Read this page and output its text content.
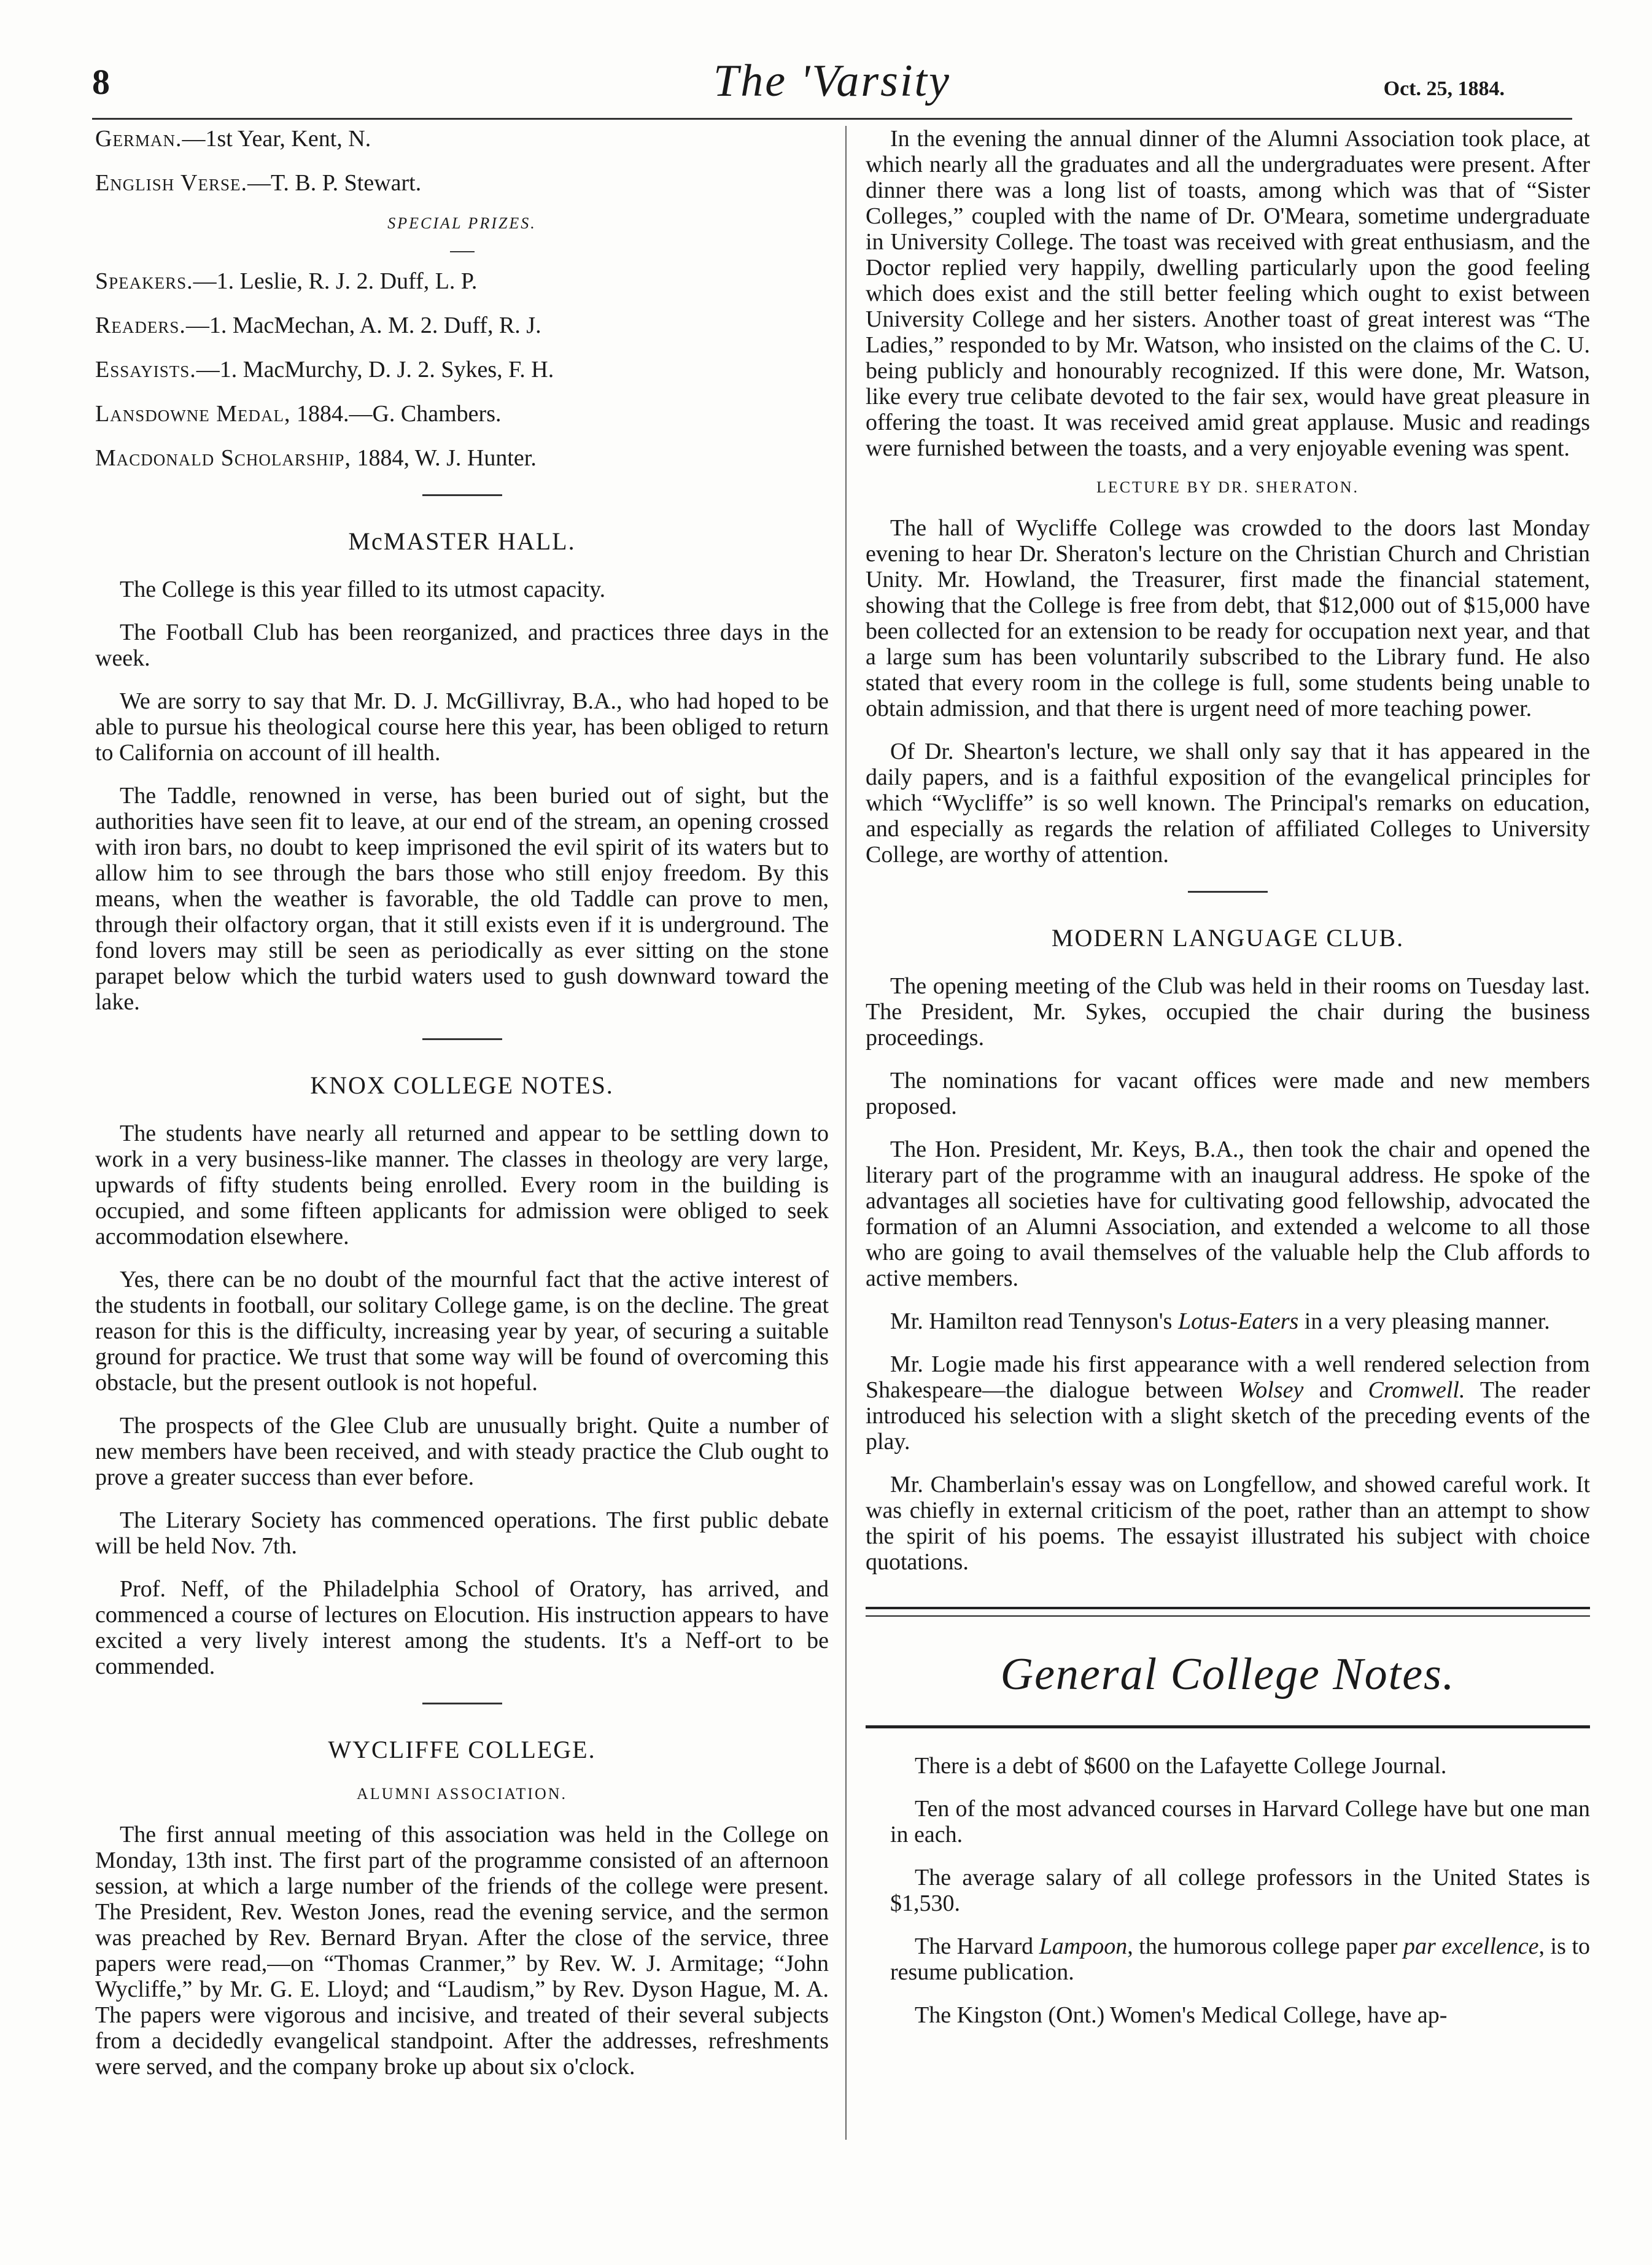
8	The 'Varsity	Oct. 25, 1884.

German.—1st Year, Kent, N.

English Verse.—T. B. P. Stewart.

SPECIAL PRIZES.

Speakers.—1. Leslie, R. J. 2. Duff, L. P.

Readers.—1. MacMechan, A. M. 2. Duff, R. J.

Essayists.—1. MacMurchy, D. J. 2. Sykes, F. H.

Lansdowne Medal, 1884.—G. Chambers.

Macdonald Scholarship, 1884, W. J. Hunter.

McMASTER HALL.

The College is this year filled to its utmost capacity.

The Football Club has been reorganized, and practices three days in the week.

We are sorry to say that Mr. D. J. McGillivray, B.A., who had hoped to be able to pursue his theological course here this year, has been obliged to return to California on account of ill health.

The Taddle, renowned in verse, has been buried out of sight, but the authorities have seen fit to leave, at our end of the stream, an opening crossed with iron bars, no doubt to keep imprisoned the evil spirit of its waters but to allow him to see through the bars those who still enjoy freedom. By this means, when the weather is favorable, the old Taddle can prove to men, through their olfactory organ, that it still exists even if it is underground. The fond lovers may still be seen as periodically as ever sitting on the stone parapet below which the turbid waters used to gush downward toward the lake.

KNOX COLLEGE NOTES.

The students have nearly all returned and appear to be settling down to work in a very business-like manner. The classes in theology are very large, upwards of fifty students being enrolled. Every room in the building is occupied, and some fifteen applicants for admission were obliged to seek accommodation elsewhere.

Yes, there can be no doubt of the mournful fact that the active interest of the students in football, our solitary College game, is on the decline. The great reason for this is the difficulty, increasing year by year, of securing a suitable ground for practice. We trust that some way will be found of overcoming this obstacle, but the present outlook is not hopeful.

The prospects of the Glee Club are unusually bright. Quite a number of new members have been received, and with steady practice the Club ought to prove a greater success than ever before.

The Literary Society has commenced operations. The first public debate will be held Nov. 7th.

Prof. Neff, of the Philadelphia School of Oratory, has arrived, and commenced a course of lectures on Elocution. His instruction appears to have excited a very lively interest among the students. It's a Neff-ort to be commended.

WYCLIFFE COLLEGE.
ALUMNI ASSOCIATION.

The first annual meeting of this association was held in the College on Monday, 13th inst. The first part of the programme consisted of an afternoon session, at which a large number of the friends of the college were present. The President, Rev. Weston Jones, read the evening service, and the sermon was preached by Rev. Bernard Bryan. After the close of the service, three papers were read,—on “Thomas Cranmer,” by Rev. W. J. Armitage; “John Wycliffe,” by Mr. G. E. Lloyd; and “Laudism,” by Rev. Dyson Hague, M. A. The papers were vigorous and incisive, and treated of their several subjects from a decidedly evangelical standpoint. After the addresses, refreshments were served, and the company broke up about six o'clock.

In the evening the annual dinner of the Alumni Association took place, at which nearly all the graduates and all the undergraduates were present. After dinner there was a long list of toasts, among which was that of “Sister Colleges,” coupled with the name of Dr. O'Meara, sometime undergraduate in University College. The toast was received with great enthusiasm, and the Doctor replied very happily, dwelling particularly upon the good feeling which does exist and the still better feeling which ought to exist between University College and her sisters. Another toast of great interest was “The Ladies,” responded to by Mr. Watson, who insisted on the claims of the C. U. being publicly and honourably recognized. If this were done, Mr. Watson, like every true celibate devoted to the fair sex, would have great pleasure in offering the toast. It was received amid great applause. Music and readings were furnished between the toasts, and a very enjoyable evening was spent.

LECTURE BY DR. SHERATON.

The hall of Wycliffe College was crowded to the doors last Monday evening to hear Dr. Sheraton's lecture on the Christian Church and Christian Unity. Mr. Howland, the Treasurer, first made the financial statement, showing that the College is free from debt, that $12,000 out of $15,000 have been collected for an extension to be ready for occupation next year, and that a large sum has been voluntarily subscribed to the Library fund. He also stated that every room in the college is full, some students being unable to obtain admission, and that there is urgent need of more teaching power.

Of Dr. Shearton's lecture, we shall only say that it has appeared in the daily papers, and is a faithful exposition of the evangelical principles for which “Wycliffe” is so well known. The Principal's remarks on education, and especially as regards the relation of affiliated Colleges to University College, are worthy of attention.

MODERN LANGUAGE CLUB.

The opening meeting of the Club was held in their rooms on Tuesday last. The President, Mr. Sykes, occupied the chair during the business proceedings.

The nominations for vacant offices were made and new members proposed.

The Hon. President, Mr. Keys, B.A., then took the chair and opened the literary part of the programme with an inaugural address. He spoke of the advantages all societies have for cultivating good fellowship, advocated the formation of an Alumni Association, and extended a welcome to all those who are going to avail themselves of the valuable help the Club affords to active members.

Mr. Hamilton read Tennyson's Lotus-Eaters in a very pleasing manner.

Mr. Logie made his first appearance with a well rendered selection from Shakespeare—the dialogue between Wolsey and Cromwell. The reader introduced his selection with a slight sketch of the preceding events of the play.

Mr. Chamberlain's essay was on Longfellow, and showed careful work. It was chiefly in external criticism of the poet, rather than an attempt to show the spirit of his poems. The essayist illustrated his subject with choice quotations.

General College Notes.

There is a debt of $600 on the Lafayette College Journal.

Ten of the most advanced courses in Harvard College have but one man in each.

The average salary of all college professors in the United States is $1,530.

The Harvard Lampoon, the humorous college paper par excellence, is to resume publication.

The Kingston (Ont.) Women's Medical College, have ap-
